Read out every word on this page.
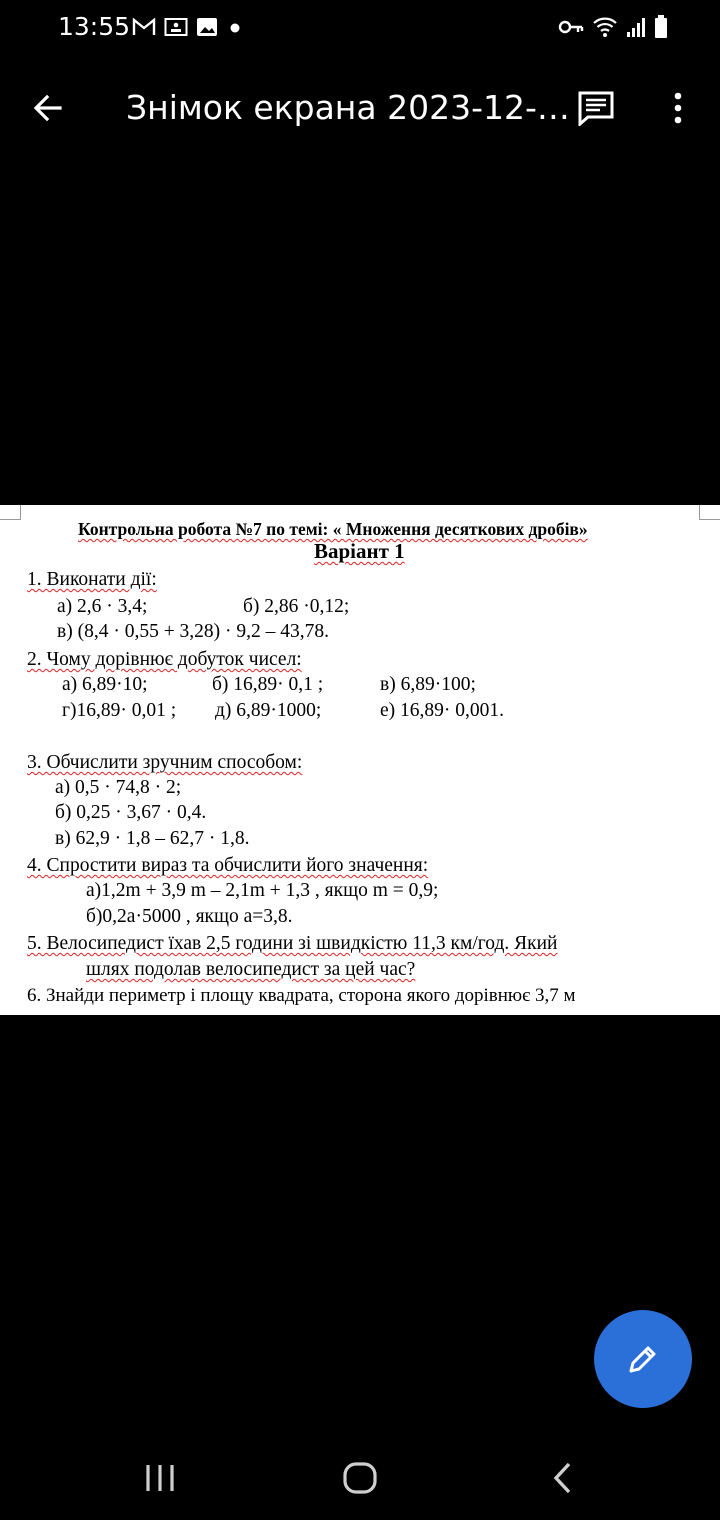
13:55
Знімок екрана 2023-12-…
Контрольна робота №7 по темі: « Множення десяткових дробів»
Варіант 1
1. Виконати дії:
а) 2,6 · 3,4;	б) 2,86 ·0,12;
в) (8,4 · 0,55 + 3,28) · 9,2 – 43,78.
2. Чому дорівнює добуток чисел:
а) 6,89·10;	б) 16,89· 0,1 ;	в) 6,89·100;
г)16,89· 0,01 ; д) 6,89·1000;	е) 16,89· 0,001.
3. Обчислити зручним способом:
а) 0,5 · 74,8 · 2;
б) 0,25 · 3,67 · 0,4.
в) 62,9 · 1,8 – 62,7 · 1,8.
4. Спростити вираз та обчислити його значення:
а)1,2m + 3,9 m – 2,1m + 1,3 , якщо m = 0,9;
б)0,2а·5000 , якщо а=3,8.
5. Велосипедист їхав 2,5 години зі швидкістю 11,3 км/год. Який
шлях подолав велосипедист за цей час?
6. Знайди периметр і площу квадрата, сторона якого дорівнює 3,7 м
